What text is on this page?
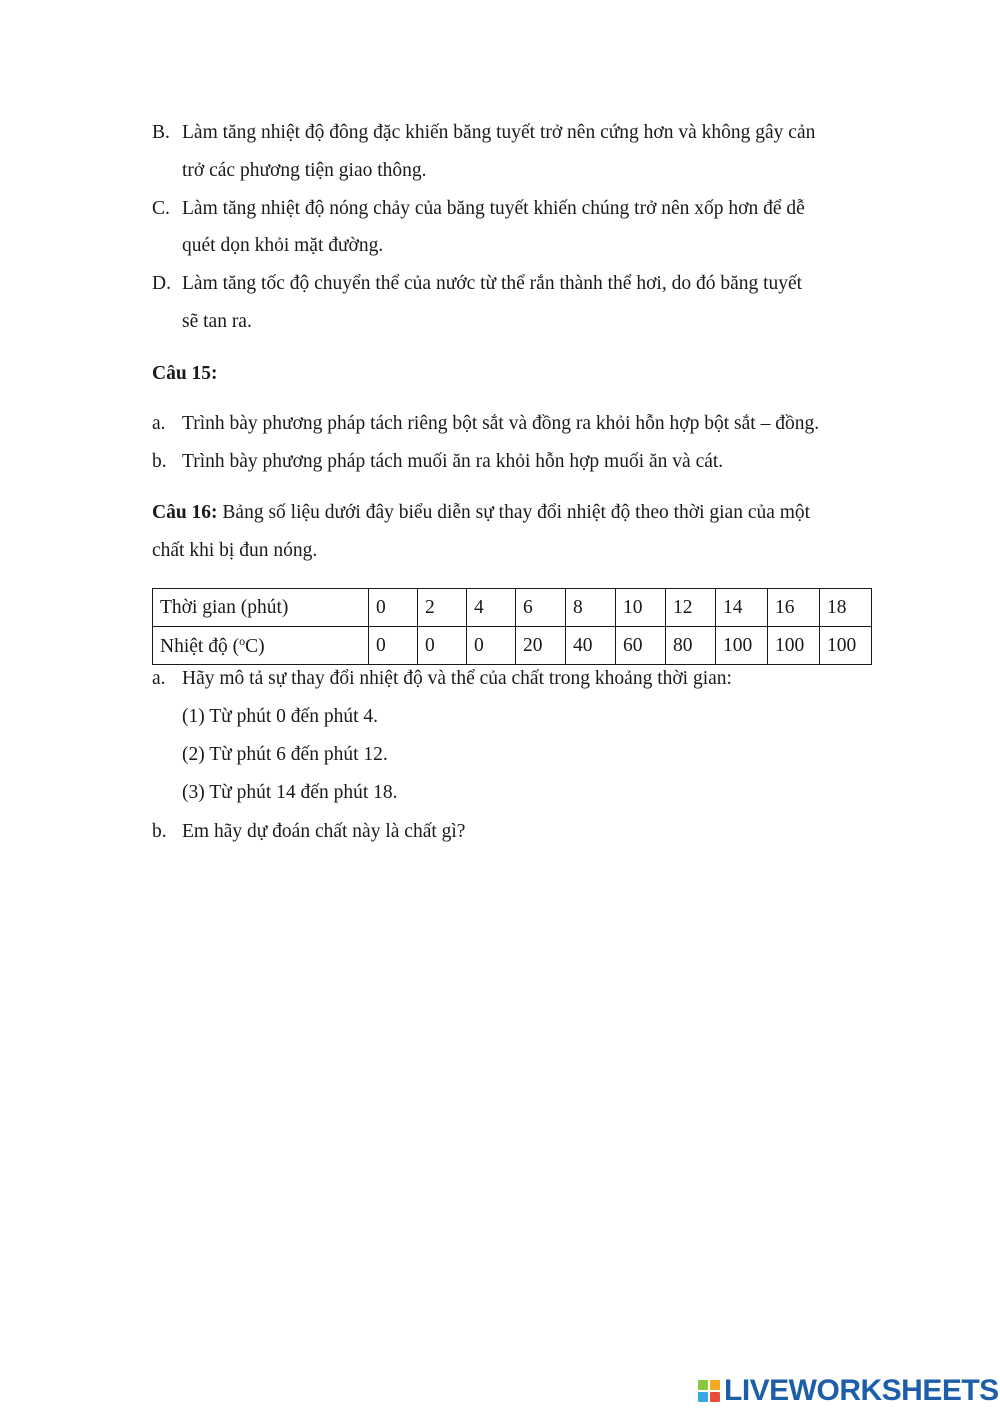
B. Làm tăng nhiệt độ đông đặc khiến băng tuyết trở nên cứng hơn và không gây cản
trở các phương tiện giao thông.
C. Làm tăng nhiệt độ nóng chảy của băng tuyết khiến chúng trở nên xốp hơn để dễ
quét dọn khỏi mặt đường.
D. Làm tăng tốc độ chuyển thể của nước từ thể rắn thành thể hơi, do đó băng tuyết
sẽ tan ra.
Câu 15:
a. Trình bày phương pháp tách riêng bột sắt và đồng ra khỏi hỗn hợp bột sắt – đồng.
b. Trình bày phương pháp tách muối ăn ra khỏi hỗn hợp muối ăn và cát.
Câu 16: Bảng số liệu dưới đây biểu diễn sự thay đổi nhiệt độ theo thời gian của một
chất khi bị đun nóng.
Thời gian (phút)	0	2	4	6	8	10	12	14	16	18
Nhiệt độ ($^o$C)	0	0	0	20	40	60	80	100	100	100
a. Hãy mô tả sự thay đổi nhiệt độ và thể của chất trong khoảng thời gian:
(1) Từ phút 0 đến phút 4.
(2) Từ phút 6 đến phút 12.
(3) Từ phút 14 đến phút 18.
b. Em hãy dự đoán chất này là chất gì?
LIVEWORKSHEETS
